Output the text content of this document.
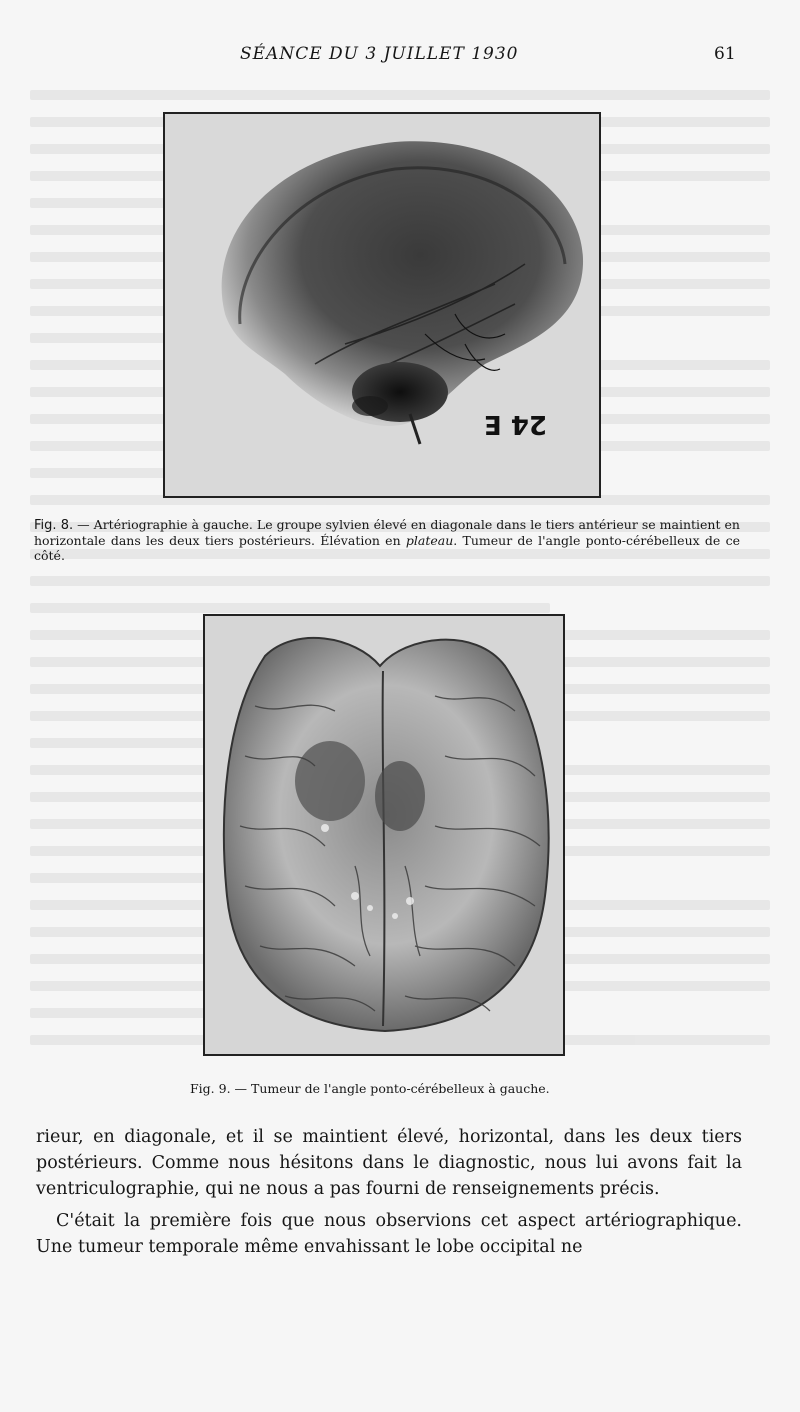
SÉANCE DU 3 JUILLET 1930	61
24 E
Fig. 8. — Artériographie à gauche. Le groupe sylvien élevé en diagonale dans le tiers antérieur se maintient en horizontale dans les deux tiers postérieurs. Élévation en plateau. Tumeur de l'angle ponto-cérébelleux de ce côté.
Fig. 9. — Tumeur de l'angle ponto-cérébelleux à gauche.

rieur, en diagonale, et il se maintient élevé, horizontal, dans les deux tiers postérieurs. Comme nous hésitons dans le diagnostic, nous lui avons fait la ventriculographie, qui ne nous a pas fourni de renseignements précis.

C'était la première fois que nous observions cet aspect artériographique. Une tumeur temporale même envahissant le lobe occipital ne
